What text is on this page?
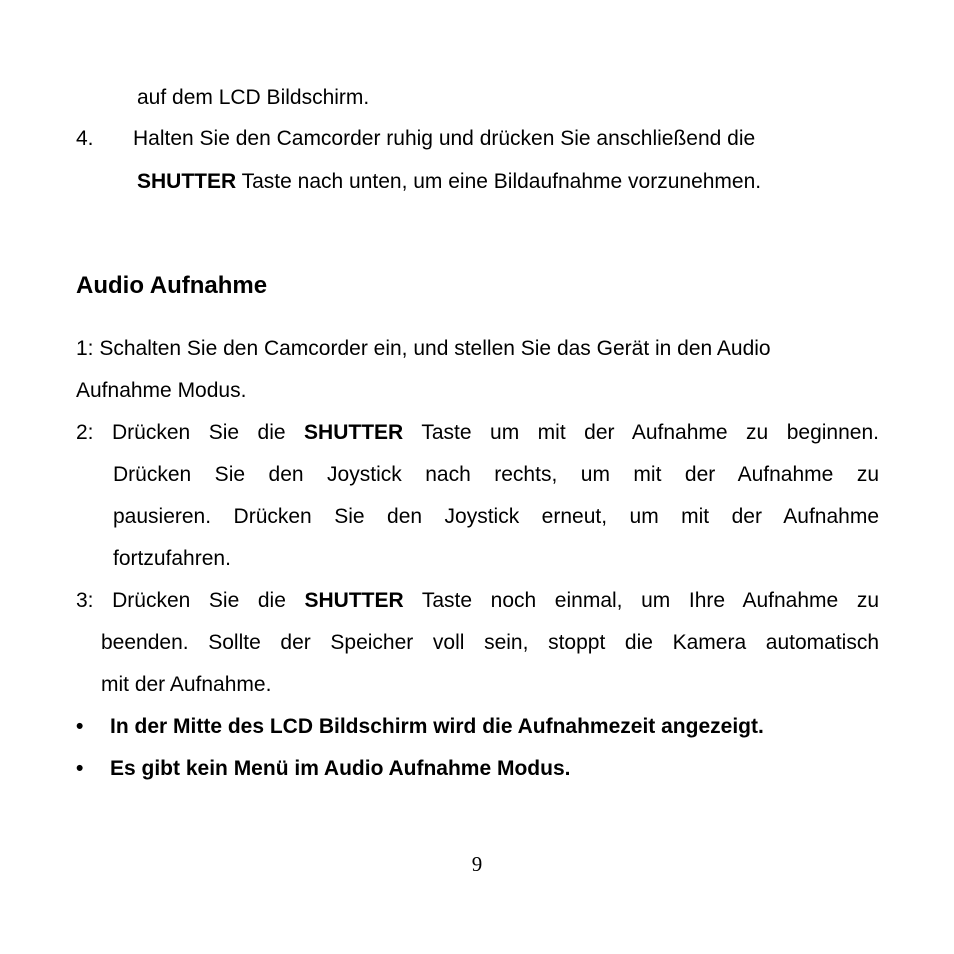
auf dem LCD Bildschirm.
4. Halten Sie den Camcorder ruhig und drücken Sie anschließend die
SHUTTER Taste nach unten, um eine Bildaufnahme vorzunehmen.
Audio Aufnahme
1: Schalten Sie den Camcorder ein, und stellen Sie das Gerät in den Audio
Aufnahme Modus.
2: Drücken Sie die SHUTTER Taste um mit der Aufnahme zu beginnen.
Drücken Sie den Joystick nach rechts, um mit der Aufnahme zu
pausieren. Drücken Sie den Joystick erneut, um mit der Aufnahme
fortzufahren.
3: Drücken Sie die SHUTTER Taste noch einmal, um Ihre Aufnahme zu
beenden. Sollte der Speicher voll sein, stoppt die Kamera automatisch
mit der Aufnahme.
• In der Mitte des LCD Bildschirm wird die Aufnahmezeit angezeigt.
• Es gibt kein Menü im Audio Aufnahme Modus.
9
